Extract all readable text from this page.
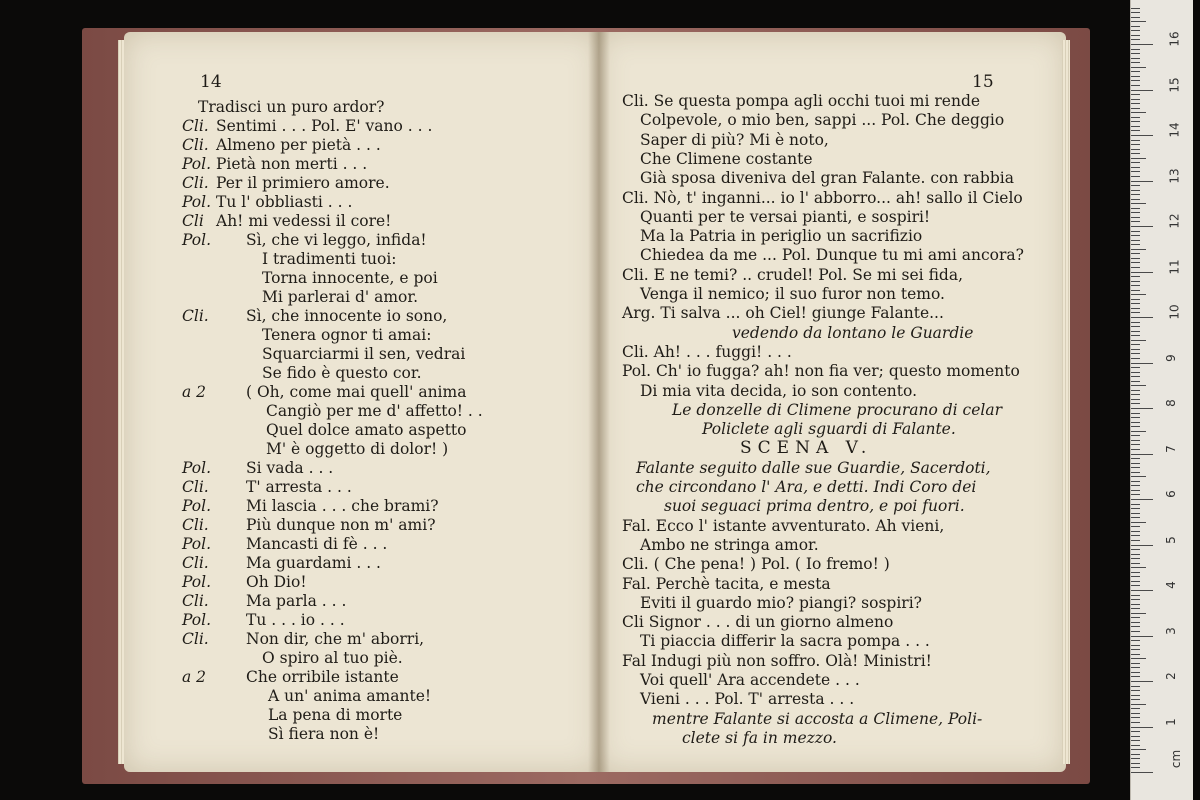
14	15
Tradisci un puro ardor?
Cli. Sentimi . . . Pol. E' vano . . .
Cli. Almeno per pietà . . .
Pol. Pietà non merti . . .
Cli. Per il primiero amore.
Pol. Tu l' obbliasti . . .
Cli Ah! mi vedessi il core!
Pol. Sì, che vi leggo, infida!
I tradimenti tuoi:
Torna innocente, e poi
Mi parlerai d' amor.
Cli. Sì, che innocente io sono,
Tenera ognor ti amai:
Squarciarmi il sen, vedrai
Se fido è questo cor.
a 2	( Oh, come mai quell' anima
Cangiò per me d' affetto! . .
Quel dolce amato aspetto
M' è oggetto di dolor! )
Pol. Si vada . . .
Cli. T' arresta . . .
Pol. Mi lascia . . . che brami?
Cli. Più dunque non m' ami?
Pol. Mancasti di fè . . .
Cli. Ma guardami . . .
Pol. Oh Dio!
Cli. Ma parla . . .
Pol. Tu . . . io . . .
Cli. Non dir, che m' aborri,
O spiro al tuo piè.
a 2	Che orribile istante
A un' anima amante!
La pena di morte
Sì fiera non è!
Cli. Se questa pompa agli occhi tuoi mi rende
Colpevole, o mio ben, sappi ... Pol. Che deggio
Saper di più? Mi è noto,
Che Climene costante
Già sposa diveniva del gran Falante. con rabbia
Cli. Nò, t' inganni... io l' abborro... ah! sallo il Cielo
Quanti per te versai pianti, e sospiri!
Ma la Patria in periglio un sacrifizio
Chiedea da me ... Pol. Dunque tu mi ami ancora?
Cli. E ne temi? .. crudel! Pol. Se mi sei fida,
Venga il nemico; il suo furor non temo.
Arg. Ti salva ... oh Ciel! giunge Falante...
vedendo da lontano le Guardie
Cli. Ah! . . . fuggi! . . .
Pol. Ch' io fugga? ah! non fia ver; questo momento
Di mia vita decida, io son contento.
Le donzelle di Climene procurano di celar
Policlete agli sguardi di Falante.
SCENA V.
Falante seguito dalle sue Guardie, Sacerdoti,
che circondano l' Ara, e detti. Indi Coro dei
suoi seguaci prima dentro, e poi fuori.
Fal. Ecco l' istante avventurato. Ah vieni,
Ambo ne stringa amor.
Cli. ( Che pena! ) Pol. ( Io fremo! )
Fal. Perchè tacita, e mesta
Eviti il guardo mio? piangi? sospiri?
Cli Signor . . . di un giorno almeno
Ti piaccia differir la sacra pompa . . .
Fal Indugi più non soffro. Olà! Ministri!
Voi quell' Ara accendete . . .
Vieni . . . Pol. T' arresta . . .
mentre Falante si accosta a Climene, Poli-
clete si fa in mezzo.
cm
1
2
3
4
5
6
7
8
9
10
11
12
13
14
15
16
